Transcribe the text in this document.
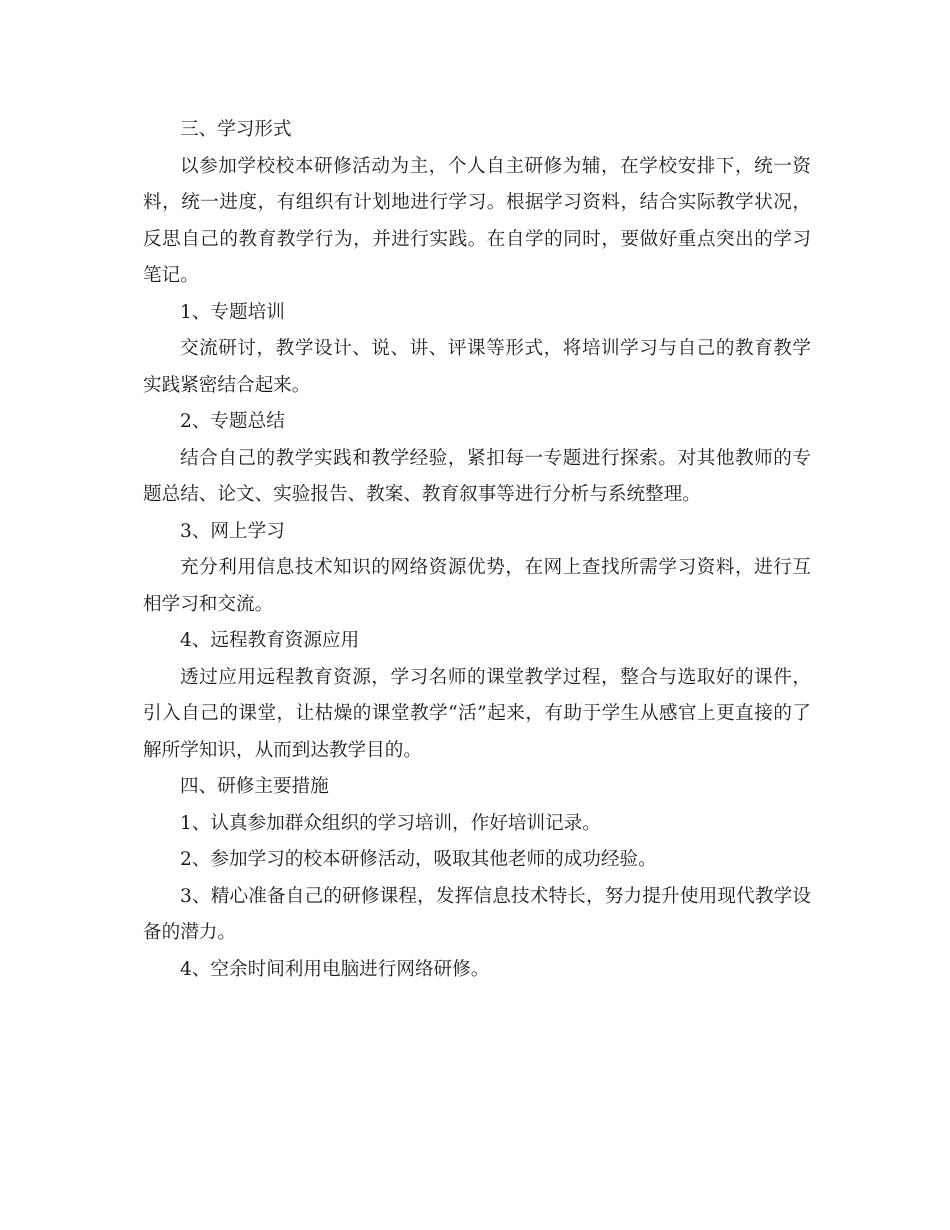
三、学习形式

以参加学校校本研修活动为主，个人自主研修为辅，在学校安排下，统一资料，统一进度，有组织有计划地进行学习。根据学习资料，结合实际教学状况，反思自己的教育教学行为，并进行实践。在自学的同时，要做好重点突出的学习笔记。

1、专题培训

交流研讨，教学设计、说、讲、评课等形式，将培训学习与自己的教育教学实践紧密结合起来。

2、专题总结

结合自己的教学实践和教学经验，紧扣每一专题进行探索。对其他教师的专题总结、论文、实验报告、教案、教育叙事等进行分析与系统整理。

3、网上学习

充分利用信息技术知识的网络资源优势，在网上查找所需学习资料，进行互相学习和交流。

4、远程教育资源应用

透过应用远程教育资源，学习名师的课堂教学过程，整合与选取好的课件，引入自己的课堂，让枯燥的课堂教学“活”起来，有助于学生从感官上更直接的了解所学知识，从而到达教学目的。

四、研修主要措施

1、认真参加群众组织的学习培训，作好培训记录。

2、参加学习的校本研修活动，吸取其他老师的成功经验。

3、精心准备自己的研修课程，发挥信息技术特长，努力提升使用现代教学设备的潜力。

4、空余时间利用电脑进行网络研修。
